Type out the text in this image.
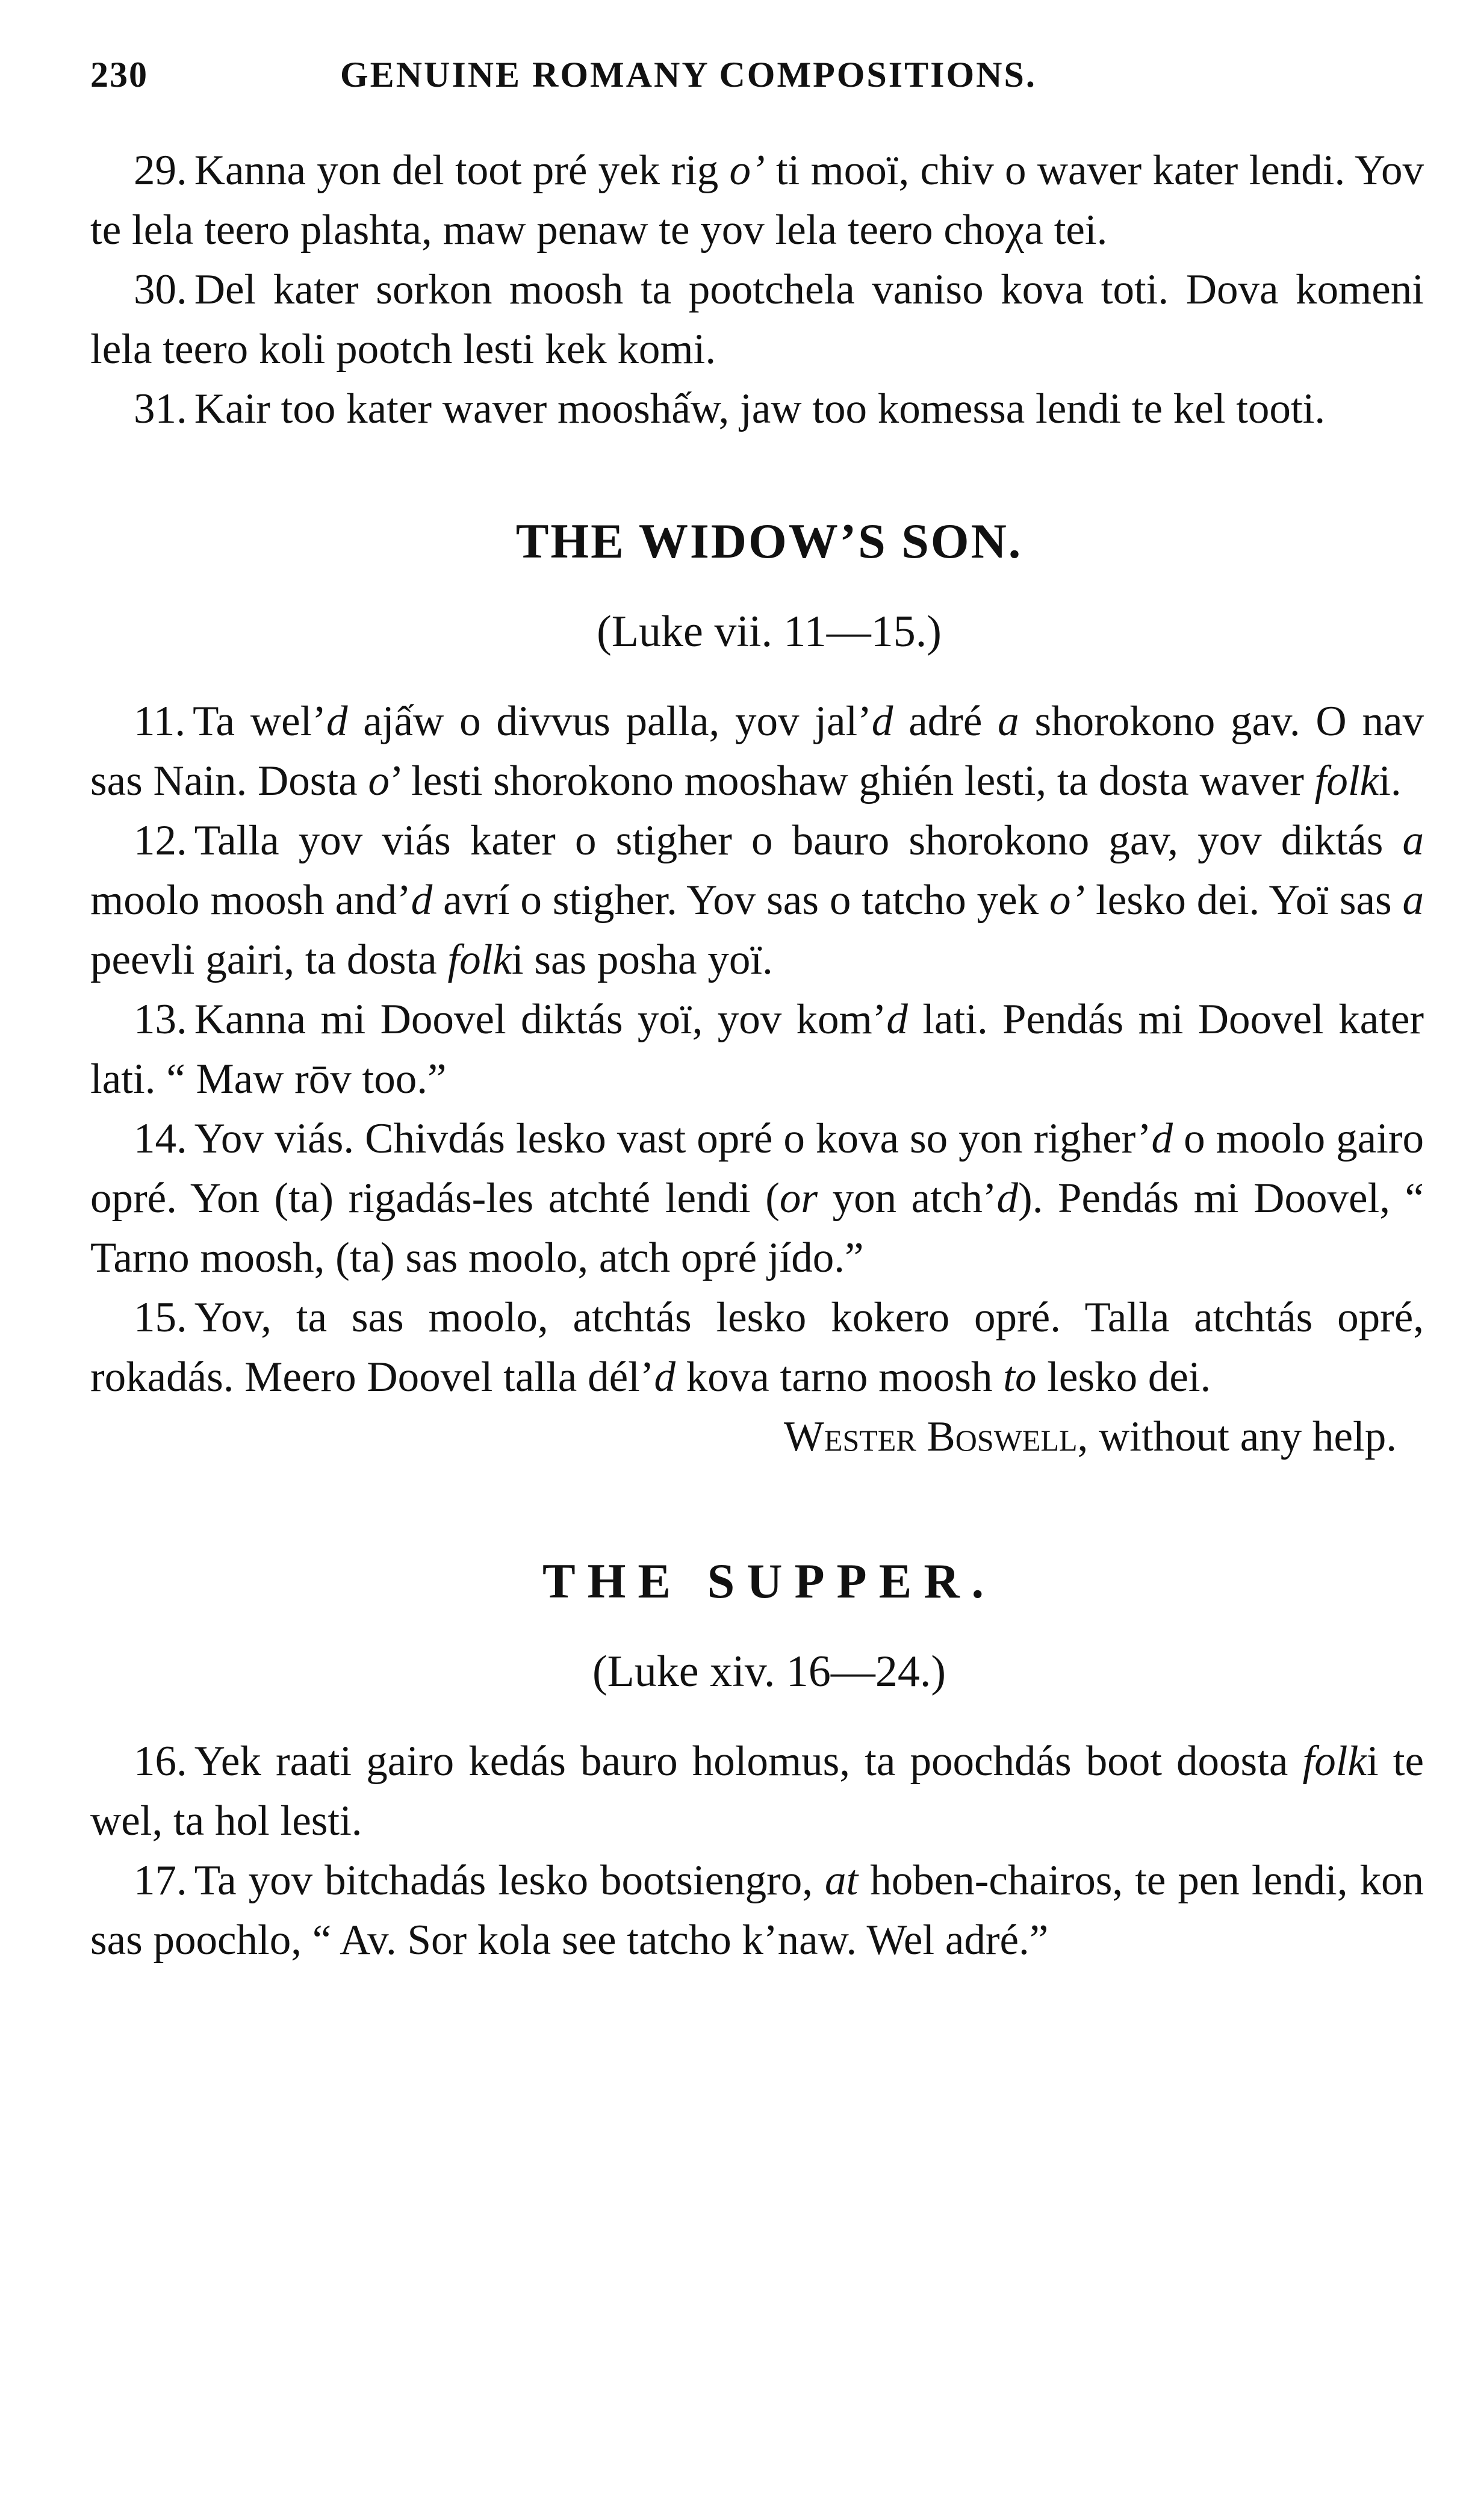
230	GENUINE ROMANY COMPOSITIONS.

29. Kanna yon del toot pré yek rig o’ ti mooï, chiv o waver kater lendi. Yov te lela teero plashta, maw penaw te yov lela teero choχa tei.

30. Del kater sorkon moosh ta pootchela vaniso kova toti. Dova komeni lela teero koli pootch lesti kek komi.

31. Kair too kater waver mooshấw, jaw too komessa lendi te kel tooti.

THE WIDOW’S SON.
(Luke vii. 11—15.)

11. Ta wel’d ajấw o divvus palla, yov jal’d adré a shorokono gav. O nav sas Nain. Dosta o’ lesti shorokono mooshaw ghién lesti, ta dosta waver folki.

12. Talla yov viás kater o stigher o bauro shorokono gav, yov diktás a moolo moosh and’d avrí o stigher. Yov sas o tatcho yek o’ lesko dei. Yoï sas a peevli gairi, ta dosta folki sas posha yoï.

13. Kanna mi Doovel diktás yoï, yov kom’d lati. Pendás mi Doovel kater lati. “ Maw rōv too.”

14. Yov viás. Chivdás lesko vast opré o kova so yon righer’d o moolo gairo opré. Yon (ta) rigadás-les atchté lendi (or yon atch’d). Pendás mi Doovel, “ Tarno moosh, (ta) sas moolo, atch opré jído.”

15. Yov, ta sas moolo, atchtás lesko kokero opré. Talla atchtás opré, rokadás. Meero Doovel talla dél’d kova tarno moosh to lesko dei.

Wester Boswell, without any help.

THE SUPPER.
(Luke xiv. 16—24.)

16. Yek raati gairo kedás bauro holomus, ta poochdás boot doosta folki te wel, ta hol lesti.

17. Ta yov bitchadás lesko bootsiengro, at hoben-chairos, te pen lendi, kon sas poochlo, “ Av. Sor kola see tatcho k’naw. Wel adré.”
